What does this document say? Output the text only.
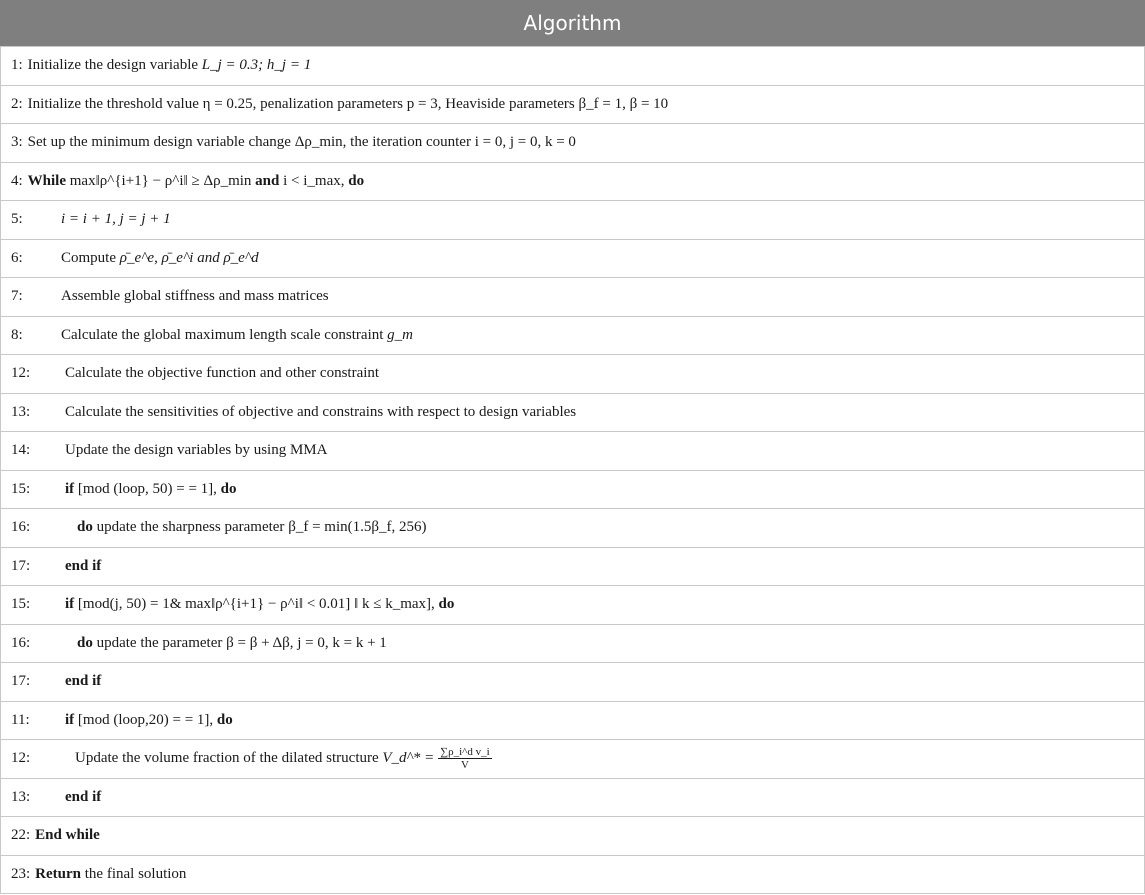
Algorithm
1: Initialize the design variable L_j = 0.3; h_j = 1
2: Initialize the threshold value η = 0.25, penalization parameters p = 3, Heaviside parameters β_f = 1, β = 10
3: Set up the minimum design variable change Δρ_min, the iteration counter i = 0, j = 0, k = 0
4: While max‖ρ^{i+1} − ρ^i‖ ≥ Δρ_min and i < i_max, do
5:	i = i + 1, j = j + 1
6:	Compute ρ̄_e^e, ρ̄_e^i and ρ̄_e^d
7:	Assemble global stiffness and mass matrices
8:	Calculate the global maximum length scale constraint g_m
12:	Calculate the objective function and other constraint
13:	Calculate the sensitivities of objective and constrains with respect to design variables
14:	Update the design variables by using MMA
15:	if [mod (loop, 50) = = 1], do
16:	do update the sharpness parameter β_f = min(1.5β_f, 256)
17:	end if
15:	if [mod(j, 50) = 1& max‖ρ^{i+1} − ρ^i‖ < 0.01] ‖ k ≤ k_max], do
16:	do update the parameter β = β + Δβ, j = 0, k = k + 1
17:	end if
11:	if [mod (loop,20) = = 1], do
12:	Update the volume fraction of the dilated structure
V_d^* = $\frac{\text{∑ρ\_i\textasciicircum{}d v\_i}}{V}$
13:	end if
22: End while
23: Return the final solution
